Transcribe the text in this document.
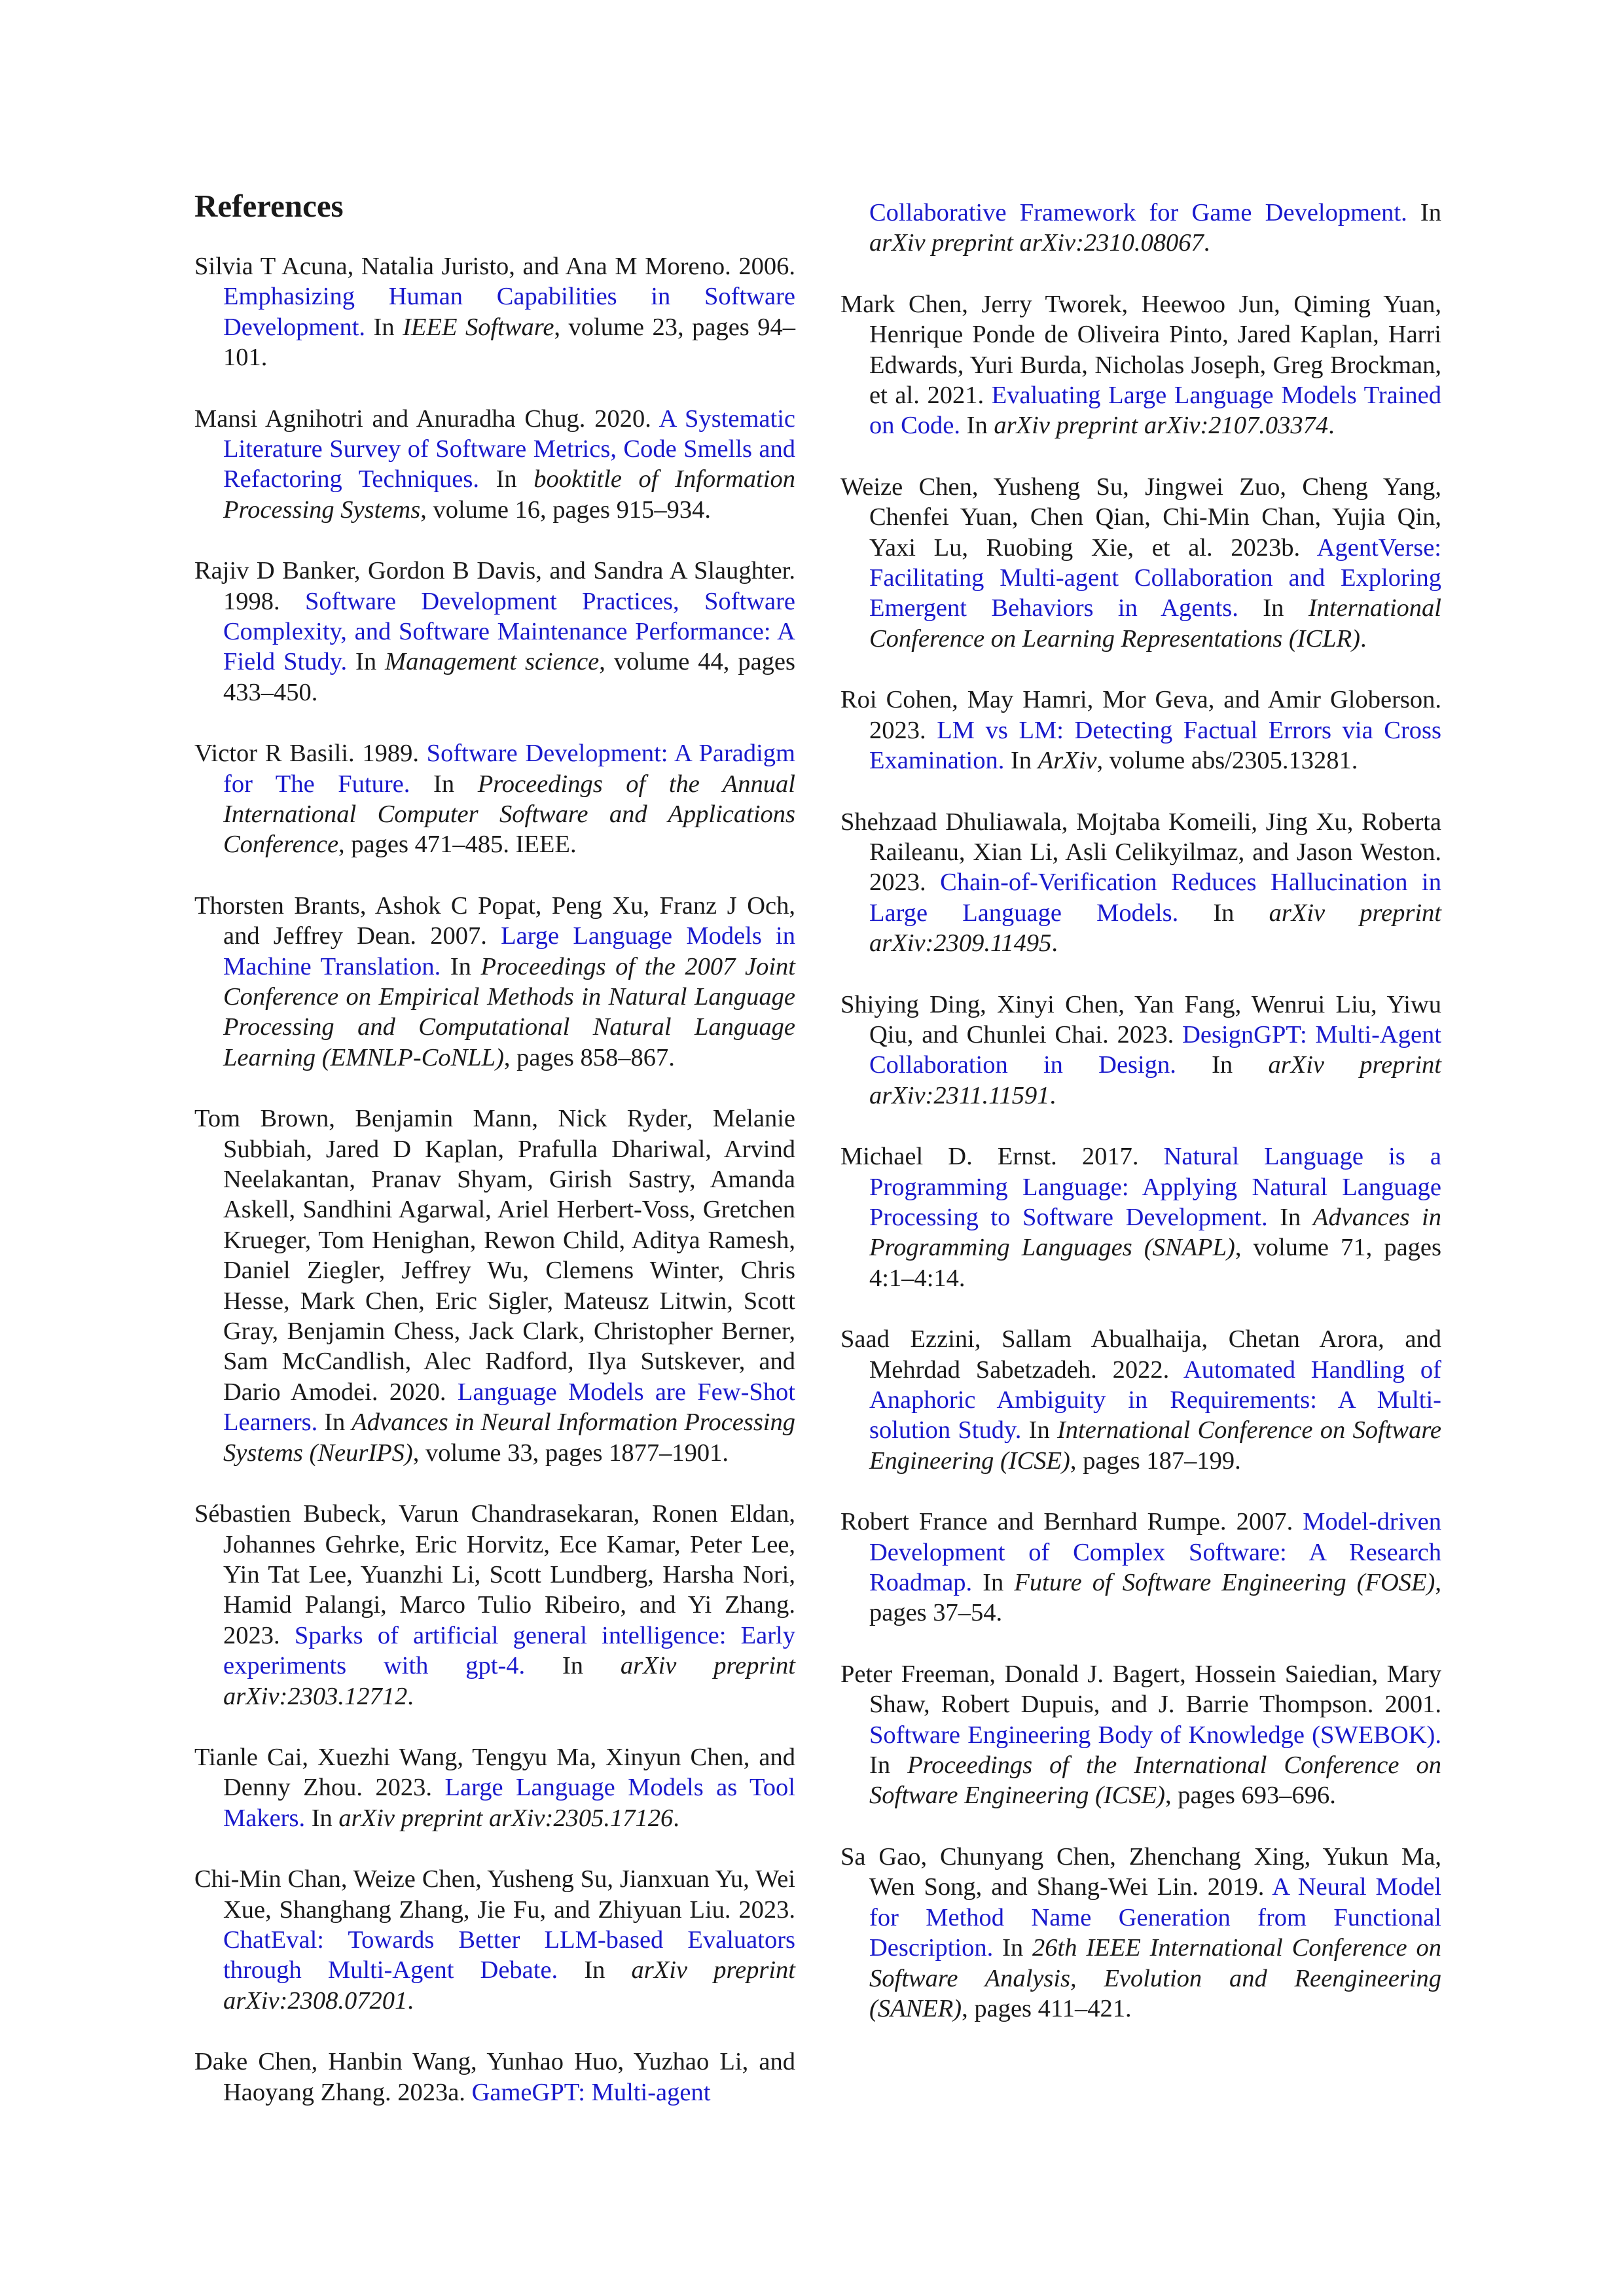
References

Silvia T Acuna, Natalia Juristo, and Ana M Moreno. 2006. Emphasizing Human Capabilities in Software Development. In IEEE Software, volume 23, pages 94–101.

Mansi Agnihotri and Anuradha Chug. 2020. A Systematic Literature Survey of Software Metrics, Code Smells and Refactoring Techniques. In booktitle of Information Processing Systems, volume 16, pages 915–934.

Rajiv D Banker, Gordon B Davis, and Sandra A Slaughter. 1998. Software Development Practices, Software Complexity, and Software Maintenance Performance: A Field Study. In Management science, volume 44, pages 433–450.

Victor R Basili. 1989. Software Development: A Paradigm for The Future. In Proceedings of the Annual International Computer Software and Applications Conference, pages 471–485. IEEE.

Thorsten Brants, Ashok C Popat, Peng Xu, Franz J Och, and Jeffrey Dean. 2007. Large Language Models in Machine Translation. In Proceedings of the 2007 Joint Conference on Empirical Methods in Natural Language Processing and Computational Natural Language Learning (EMNLP-CoNLL), pages 858–867.

Tom Brown, Benjamin Mann, Nick Ryder, Melanie Subbiah, Jared D Kaplan, Prafulla Dhariwal, Arvind Neelakantan, Pranav Shyam, Girish Sastry, Amanda Askell, Sandhini Agarwal, Ariel Herbert-Voss, Gretchen Krueger, Tom Henighan, Rewon Child, Aditya Ramesh, Daniel Ziegler, Jeffrey Wu, Clemens Winter, Chris Hesse, Mark Chen, Eric Sigler, Mateusz Litwin, Scott Gray, Benjamin Chess, Jack Clark, Christopher Berner, Sam McCandlish, Alec Radford, Ilya Sutskever, and Dario Amodei. 2020. Language Models are Few-Shot Learners. In Advances in Neural Information Processing Systems (NeurIPS), volume 33, pages 1877–1901.

Sébastien Bubeck, Varun Chandrasekaran, Ronen Eldan, Johannes Gehrke, Eric Horvitz, Ece Kamar, Peter Lee, Yin Tat Lee, Yuanzhi Li, Scott Lundberg, Harsha Nori, Hamid Palangi, Marco Tulio Ribeiro, and Yi Zhang. 2023. Sparks of artificial general intelligence: Early experiments with gpt-4. In arXiv preprint arXiv:2303.12712.

Tianle Cai, Xuezhi Wang, Tengyu Ma, Xinyun Chen, and Denny Zhou. 2023. Large Language Models as Tool Makers. In arXiv preprint arXiv:2305.17126.

Chi-Min Chan, Weize Chen, Yusheng Su, Jianxuan Yu, Wei Xue, Shanghang Zhang, Jie Fu, and Zhiyuan Liu. 2023. ChatEval: Towards Better LLM-based Evaluators through Multi-Agent Debate. In arXiv preprint arXiv:2308.07201.

Dake Chen, Hanbin Wang, Yunhao Huo, Yuzhao Li, and Haoyang Zhang. 2023a. GameGPT: Multi-agent

Collaborative Framework for Game Development. In arXiv preprint arXiv:2310.08067.

Mark Chen, Jerry Tworek, Heewoo Jun, Qiming Yuan, Henrique Ponde de Oliveira Pinto, Jared Kaplan, Harri Edwards, Yuri Burda, Nicholas Joseph, Greg Brockman, et al. 2021. Evaluating Large Language Models Trained on Code. In arXiv preprint arXiv:2107.03374.

Weize Chen, Yusheng Su, Jingwei Zuo, Cheng Yang, Chenfei Yuan, Chen Qian, Chi-Min Chan, Yujia Qin, Yaxi Lu, Ruobing Xie, et al. 2023b. AgentVerse: Facilitating Multi-agent Collaboration and Exploring Emergent Behaviors in Agents. In International Conference on Learning Representations (ICLR).

Roi Cohen, May Hamri, Mor Geva, and Amir Globerson. 2023. LM vs LM: Detecting Factual Errors via Cross Examination. In ArXiv, volume abs/2305.13281.

Shehzaad Dhuliawala, Mojtaba Komeili, Jing Xu, Roberta Raileanu, Xian Li, Asli Celikyilmaz, and Jason Weston. 2023. Chain-of-Verification Reduces Hallucination in Large Language Models. In arXiv preprint arXiv:2309.11495.

Shiying Ding, Xinyi Chen, Yan Fang, Wenrui Liu, Yiwu Qiu, and Chunlei Chai. 2023. DesignGPT: Multi-Agent Collaboration in Design. In arXiv preprint arXiv:2311.11591.

Michael D. Ernst. 2017. Natural Language is a Programming Language: Applying Natural Language Processing to Software Development. In Advances in Programming Languages (SNAPL), volume 71, pages 4:1–4:14.

Saad Ezzini, Sallam Abualhaija, Chetan Arora, and Mehrdad Sabetzadeh. 2022. Automated Handling of Anaphoric Ambiguity in Requirements: A Multi-solution Study. In International Conference on Software Engineering (ICSE), pages 187–199.

Robert France and Bernhard Rumpe. 2007. Model-driven Development of Complex Software: A Research Roadmap. In Future of Software Engineering (FOSE), pages 37–54.

Peter Freeman, Donald J. Bagert, Hossein Saiedian, Mary Shaw, Robert Dupuis, and J. Barrie Thompson. 2001. Software Engineering Body of Knowledge (SWEBOK). In Proceedings of the International Conference on Software Engineering (ICSE), pages 693–696.

Sa Gao, Chunyang Chen, Zhenchang Xing, Yukun Ma, Wen Song, and Shang-Wei Lin. 2019. A Neural Model for Method Name Generation from Functional Description. In 26th IEEE International Conference on Software Analysis, Evolution and Reengineering (SANER), pages 411–421.
